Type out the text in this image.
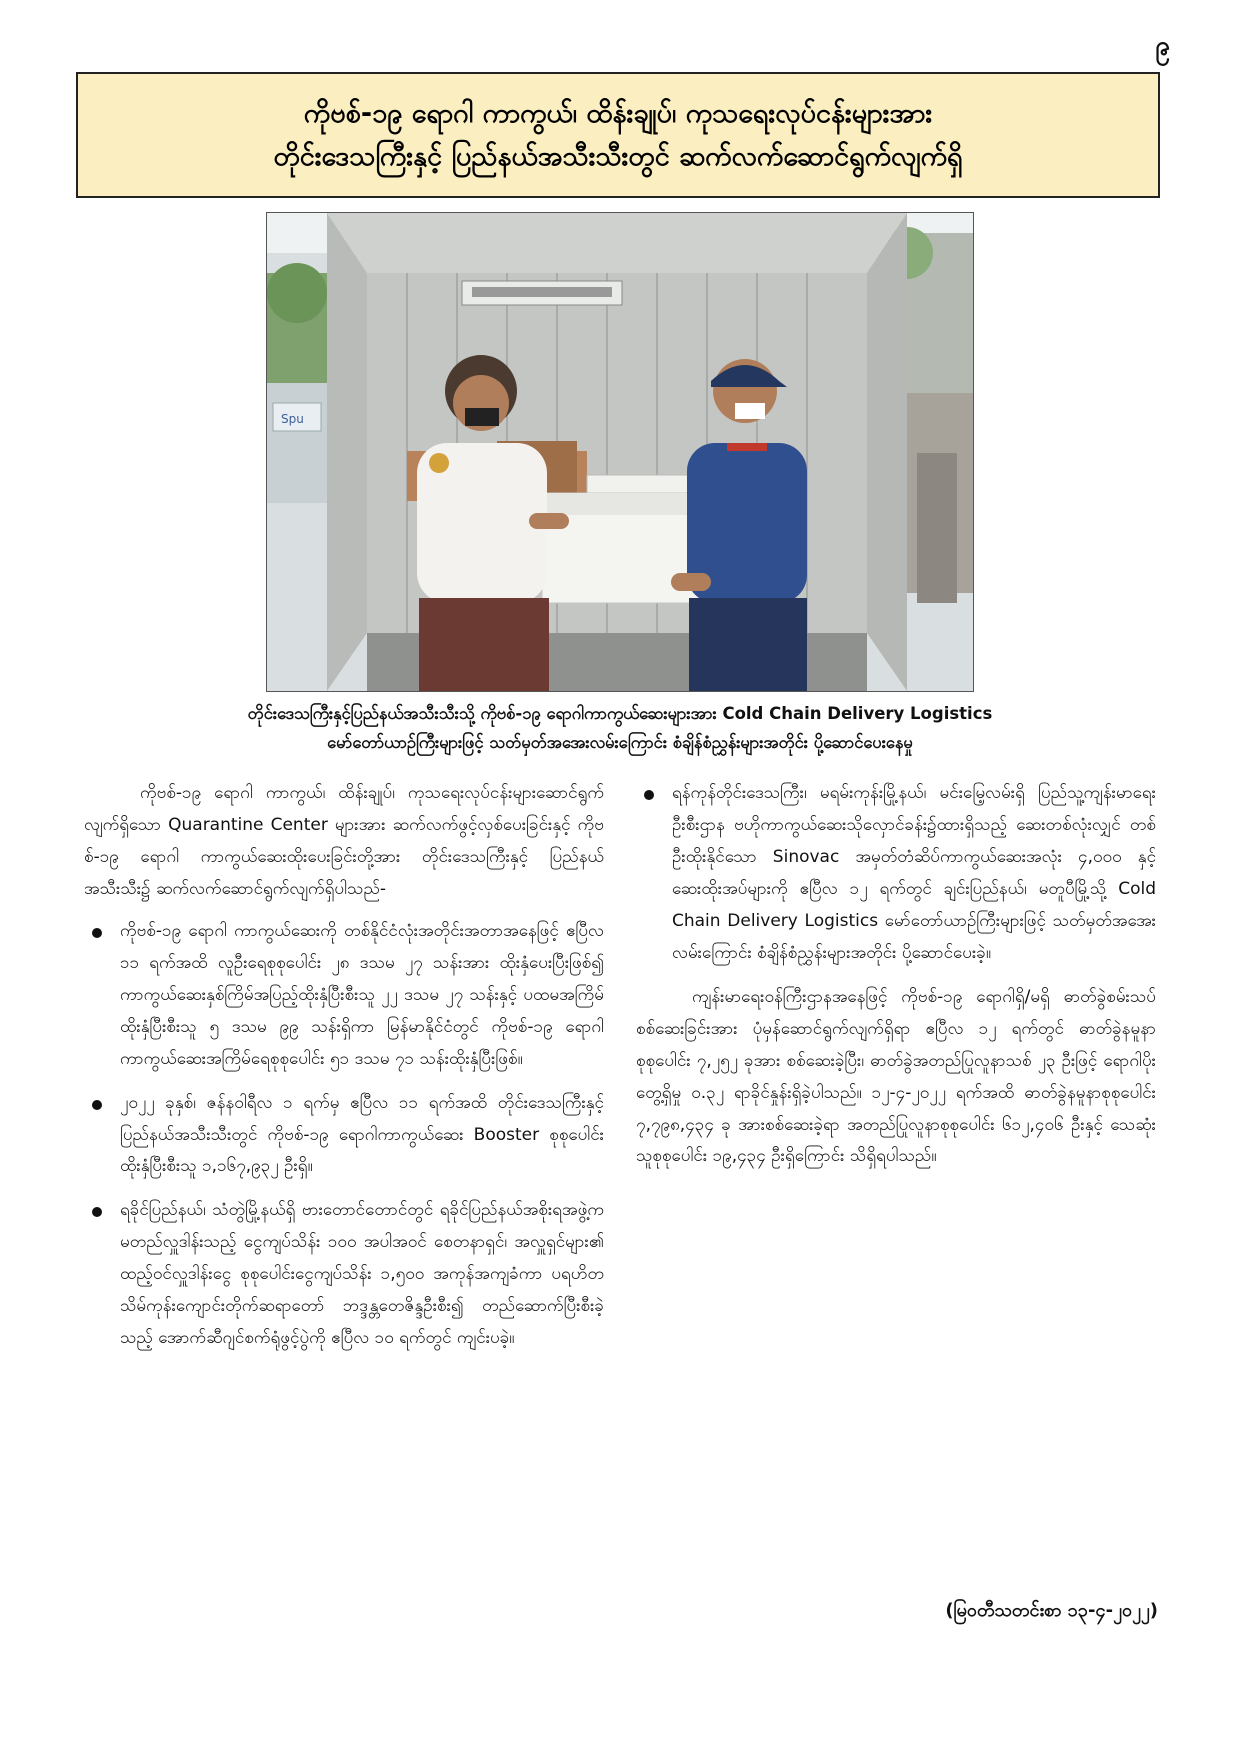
၉
ကိုဗစ်-၁၉ ရောဂါ ကာကွယ်၊ ထိန်းချုပ်၊ ကုသရေးလုပ်ငန်းများအား
တိုင်းဒေသကြီးနှင့် ပြည်နယ်အသီးသီးတွင် ဆက်လက်ဆောင်ရွက်လျက်ရှိ
Spu
တိုင်းဒေသကြီးနှင့်ပြည်နယ်အသီးသီးသို့ ကိုဗစ်-၁၉ ရောဂါကာကွယ်ဆေးများအား Cold Chain Delivery Logistics
မော်တော်ယာဉ်ကြီးများဖြင့် သတ်မှတ်အအေးလမ်းကြောင်း စံချိန်စံညွှန်းများအတိုင်း ပို့ဆောင်ပေးနေမှု

ကိုဗစ်-၁၉ ရောဂါ ကာကွယ်၊ ထိန်းချုပ်၊ ကုသရေးလုပ်ငန်းများဆောင်ရွက်လျက်ရှိသော Quarantine Center များအား ဆက်လက်ဖွင့်လှစ်ပေးခြင်းနှင့် ကိုဗစ်-၁၉ ရောဂါ ကာကွယ်ဆေးထိုးပေးခြင်းတို့အား တိုင်းဒေသကြီးနှင့် ပြည်နယ်အသီးသီး၌ ဆက်လက်ဆောင်ရွက်လျက်ရှိပါသည်-

ကိုဗစ်-၁၉ ရောဂါ ကာကွယ်ဆေးကို တစ်နိုင်ငံလုံးအတိုင်းအတာအနေဖြင့် ဧပြီလ ၁၁ ရက်အထိ လူဦးရေစုစုပေါင်း ၂၈ ဒသမ ၂၇ သန်းအား ထိုးနှံပေးပြီးဖြစ်၍ ကာကွယ်ဆေးနှစ်ကြိမ်အပြည့်ထိုးနှံပြီးစီးသူ ၂၂ ဒသမ ၂၇ သန်းနှင့် ပထမအကြိမ်ထိုးနှံပြီးစီးသူ ၅ ဒသမ ၉၉ သန်းရှိကာ မြန်မာနိုင်ငံတွင် ကိုဗစ်-၁၉ ရောဂါ ကာကွယ်ဆေးအကြိမ်ရေစုစုပေါင်း ၅၁ ဒသမ ၇၁ သန်းထိုးနှံပြီးဖြစ်။
၂၀၂၂ ခုနှစ်၊ ဇန်နဝါရီလ ၁ ရက်မှ ဧပြီလ ၁၁ ရက်အထိ တိုင်းဒေသကြီးနှင့် ပြည်နယ်အသီးသီးတွင် ကိုဗစ်-၁၉ ရောဂါကာကွယ်ဆေး Booster စုစုပေါင်းထိုးနှံပြီးစီးသူ ၁,၁၆၇,၉၃၂ ဦးရှိ။
ရခိုင်ပြည်နယ်၊ သံတွဲမြို့နယ်ရှိ ဗားတောင်တောင်တွင် ရခိုင်ပြည်နယ်အစိုးရအဖွဲ့က မတည်လှူဒါန်းသည့် ငွေကျပ်သိန်း ၁၀၀ အပါအဝင် စေတနာရှင်၊ အလှူရှင်များ၏ ထည့်ဝင်လှူဒါန်းငွေ စုစုပေါင်းငွေကျပ်သိန်း ၁,၅၀၀ အကုန်အကျခံကာ ပရဟိတသိမ်ကုန်းကျောင်းတိုက်ဆရာတော် ဘဒ္ဒန္တတေဇိန္ဒဦးစီး၍ တည်ဆောက်ပြီးစီးခဲ့သည့် အောက်ဆီဂျင်စက်ရုံဖွင့်ပွဲကို ဧပြီလ ၁၀ ရက်တွင် ကျင်းပခဲ့။
ရန်ကုန်တိုင်းဒေသကြီး၊ မရမ်းကုန်းမြို့နယ်၊ မင်းမြေ့လမ်းရှိ ပြည်သူ့ကျန်းမာရေးဦးစီးဌာန ဗဟိုကာကွယ်ဆေးသိုလှောင်ခန်း၌ထားရှိသည့် ဆေးတစ်လုံးလျှင် တစ်ဦးထိုးနိုင်သော Sinovac အမှတ်တံဆိပ်ကာကွယ်ဆေးအလုံး ၄,၀၀၀ နှင့် ဆေးထိုးအပ်များကို ဧပြီလ ၁၂ ရက်တွင် ချင်းပြည်နယ်၊ မတူပီမြို့သို့ Cold Chain Delivery Logistics မော်တော်ယာဉ်ကြီးများဖြင့် သတ်မှတ်အအေးလမ်းကြောင်း စံချိန်စံညွှန်းများအတိုင်း ပို့ဆောင်ပေးခဲ့။

ကျန်းမာရေးဝန်ကြီးဌာနအနေဖြင့် ကိုဗစ်-၁၉ ရောဂါရှိ/မရှိ ဓာတ်ခွဲစမ်းသပ်စစ်ဆေးခြင်းအား ပုံမှန်ဆောင်ရွက်လျက်ရှိရာ ဧပြီလ ၁၂ ရက်တွင် ဓာတ်ခွဲနမူနာစုစုပေါင်း ၇,၂၅၂ ခုအား စစ်ဆေးခဲ့ပြီး၊ ဓာတ်ခွဲအတည်ပြုလူနာသစ် ၂၃ ဦးဖြင့် ရောဂါပိုးတွေ့ရှိမှု ၀.၃၂ ရာခိုင်နှုန်းရှိခဲ့ပါသည်။ ၁၂-၄-၂၀၂၂ ရက်အထိ ဓာတ်ခွဲနမူနာစုစုပေါင်း ၇,၇၉၈,၄၃၄ ခု အားစစ်ဆေးခဲ့ရာ အတည်ပြုလူနာစုစုပေါင်း ၆၁၂,၄၀၆ ဦးနှင့် သေဆုံးသူစုစုပေါင်း ၁၉,၄၃၄ ဦးရှိကြောင်း သိရှိရပါသည်။

(မြဝတီသတင်းစာ ၁၃-၄-၂၀၂၂)
